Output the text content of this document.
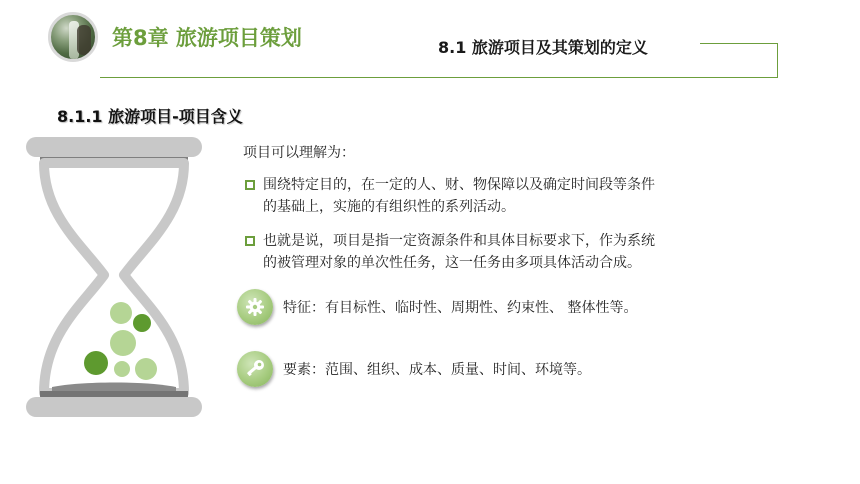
第8章 旅游项目策划	8.1 旅游项目及其策划的定义
8.1.1 旅游项目-项目含义
项目可以理解为：
围绕特定目的，在一定的人、财、物保障以及确定时间段等条件
的基础上，实施的有组织性的系列活动。
也就是说，项目是指一定资源条件和具体目标要求下，作为系统
的被管理对象的单次性任务，这一任务由多项具体活动合成。
特征：有目标性、临时性、周期性、约束性、 整体性等。
要素：范围、组织、成本、质量、时间、环境等。
